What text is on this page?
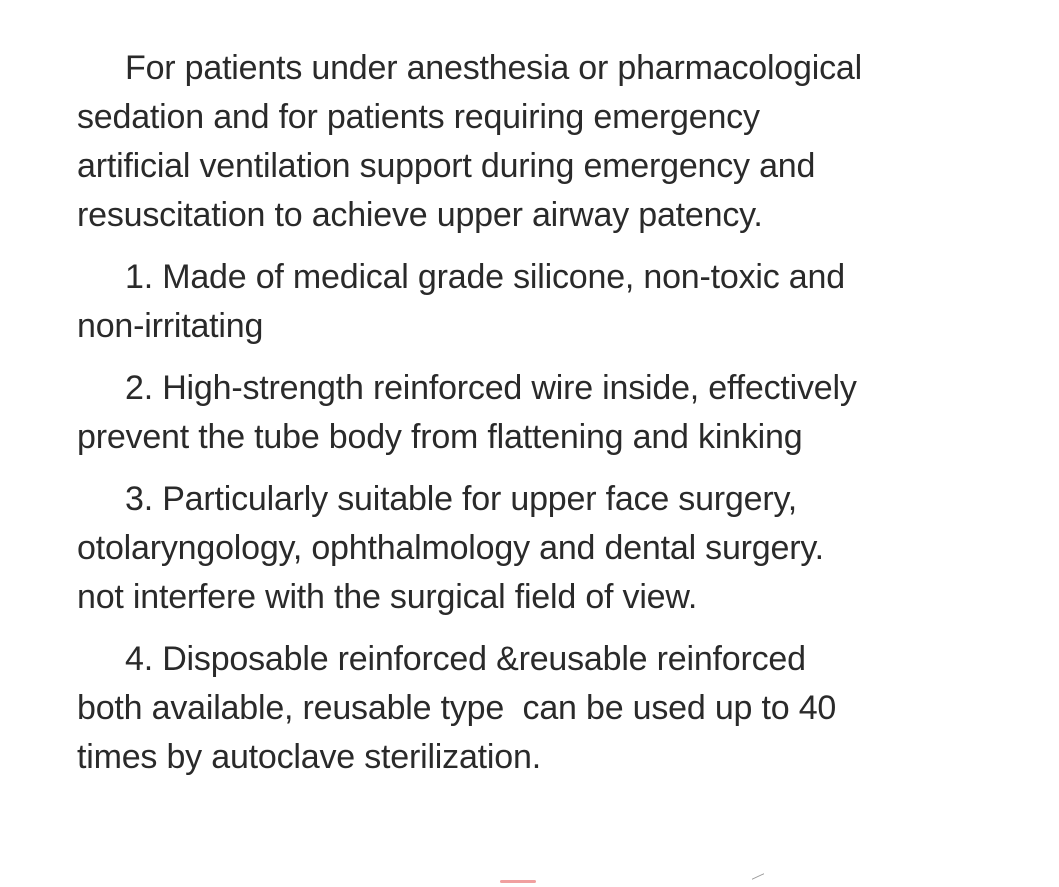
For patients under anesthesia or pharmacological
sedation and for patients requiring emergency
artificial ventilation support during emergency and
resuscitation to achieve upper airway patency.
1. Made of medical grade silicone, non-toxic and
non-irritating
2. High-strength reinforced wire inside, effectively
prevent the tube body from flattening and kinking
3. Particularly suitable for upper face surgery,
otolaryngology, ophthalmology and dental surgery.
not interfere with the surgical field of view.
4. Disposable reinforced &reusable reinforced
both available, reusable type  can be used up to 40
times by autoclave sterilization.
